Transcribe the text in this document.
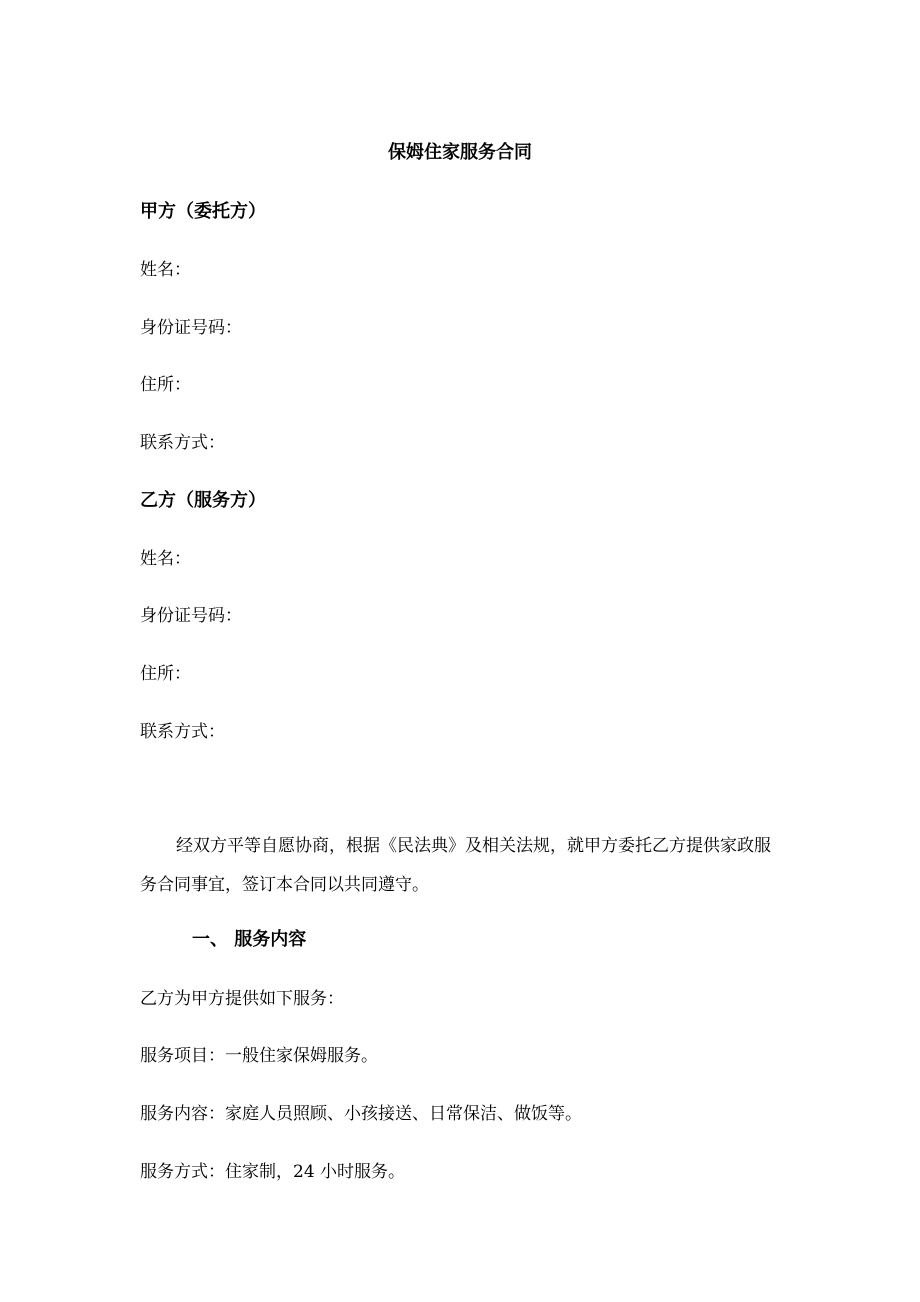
保姆住家服务合同
甲方（委托方）
姓名：
身份证号码：
住所：
联系方式：
乙方（服务方）
姓名：
身份证号码：
住所：
联系方式：
经双方平等自愿协商，根据《民法典》及相关法规，就甲方委托乙方提供家政服务合同事宜，签订本合同以共同遵守。
一、 服务内容
乙方为甲方提供如下服务：
服务项目：一般住家保姆服务。
服务内容：家庭人员照顾、小孩接送、日常保洁、做饭等。
服务方式：住家制，24 小时服务。
